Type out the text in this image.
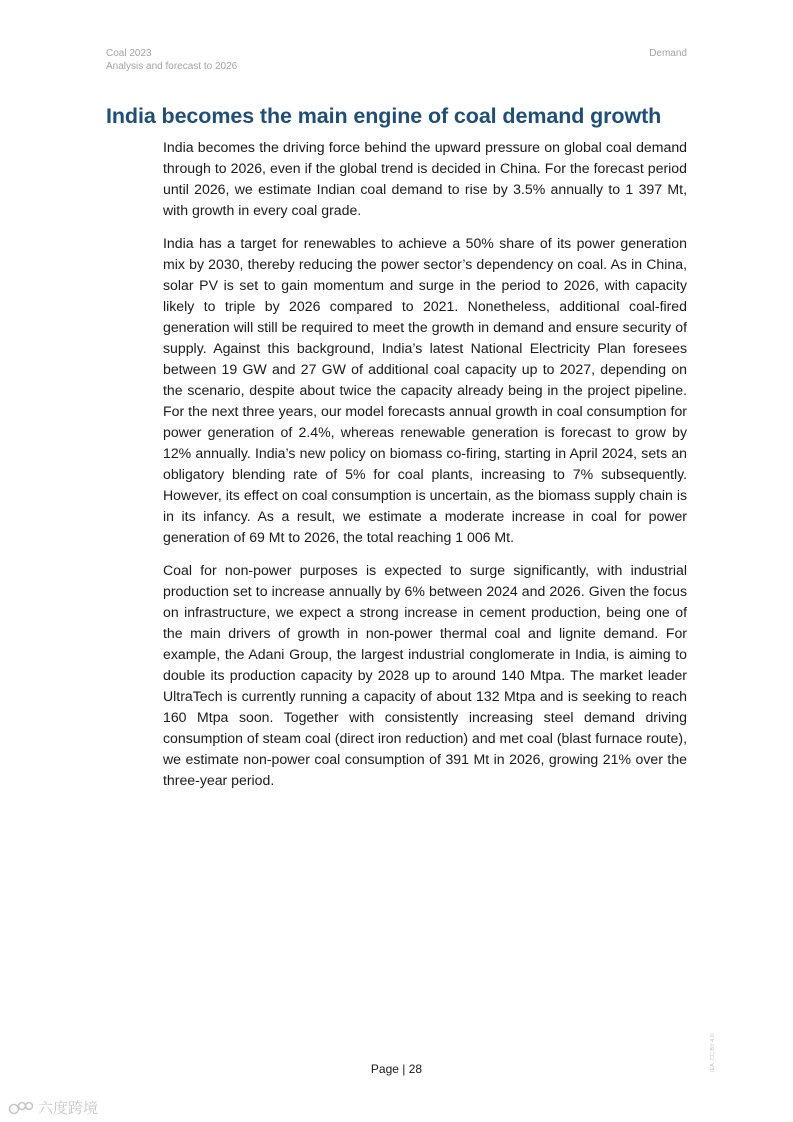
Coal 2023
Analysis and forecast to 2026
Demand
India becomes the main engine of coal demand growth

India becomes the driving force behind the upward pressure on global coal demand through to 2026, even if the global trend is decided in China. For the forecast period until 2026, we estimate Indian coal demand to rise by 3.5% annually to 1 397 Mt, with growth in every coal grade.

India has a target for renewables to achieve a 50% share of its power generation mix by 2030, thereby reducing the power sector’s dependency on coal. As in China, solar PV is set to gain momentum and surge in the period to 2026, with capacity likely to triple by 2026 compared to 2021. Nonetheless, additional coal-fired generation will still be required to meet the growth in demand and ensure security of supply. Against this background, India’s latest National Electricity Plan foresees between 19 GW and 27 GW of additional coal capacity up to 2027, depending on the scenario, despite about twice the capacity already being in the project pipeline. For the next three years, our model forecasts annual growth in coal consumption for power generation of 2.4%, whereas renewable generation is forecast to grow by 12% annually. India’s new policy on biomass co-firing, starting in April 2024, sets an obligatory blending rate of 5% for coal plants, increasing to 7% subsequently. However, its effect on coal consumption is uncertain, as the biomass supply chain is in its infancy. As a result, we estimate a moderate increase in coal for power generation of 69 Mt to 2026, the total reaching 1 006 Mt.

Coal for non-power purposes is expected to surge significantly, with industrial production set to increase annually by 6% between 2024 and 2026. Given the focus on infrastructure, we expect a strong increase in cement production, being one of the main drivers of growth in non-power thermal coal and lignite demand. For example, the Adani Group, the largest industrial conglomerate in India, is aiming to double its production capacity by 2028 up to around 140 Mtpa. The market leader UltraTech is currently running a capacity of about 132 Mtpa and is seeking to reach 160 Mtpa soon. Together with consistently increasing steel demand driving consumption of steam coal (direct iron reduction) and met coal (blast furnace route), we estimate non-power coal consumption of 391 Mt in 2026, growing 21% over the three-year period.

Page | 28	IEA. CC BY 4.0
六度跨境
